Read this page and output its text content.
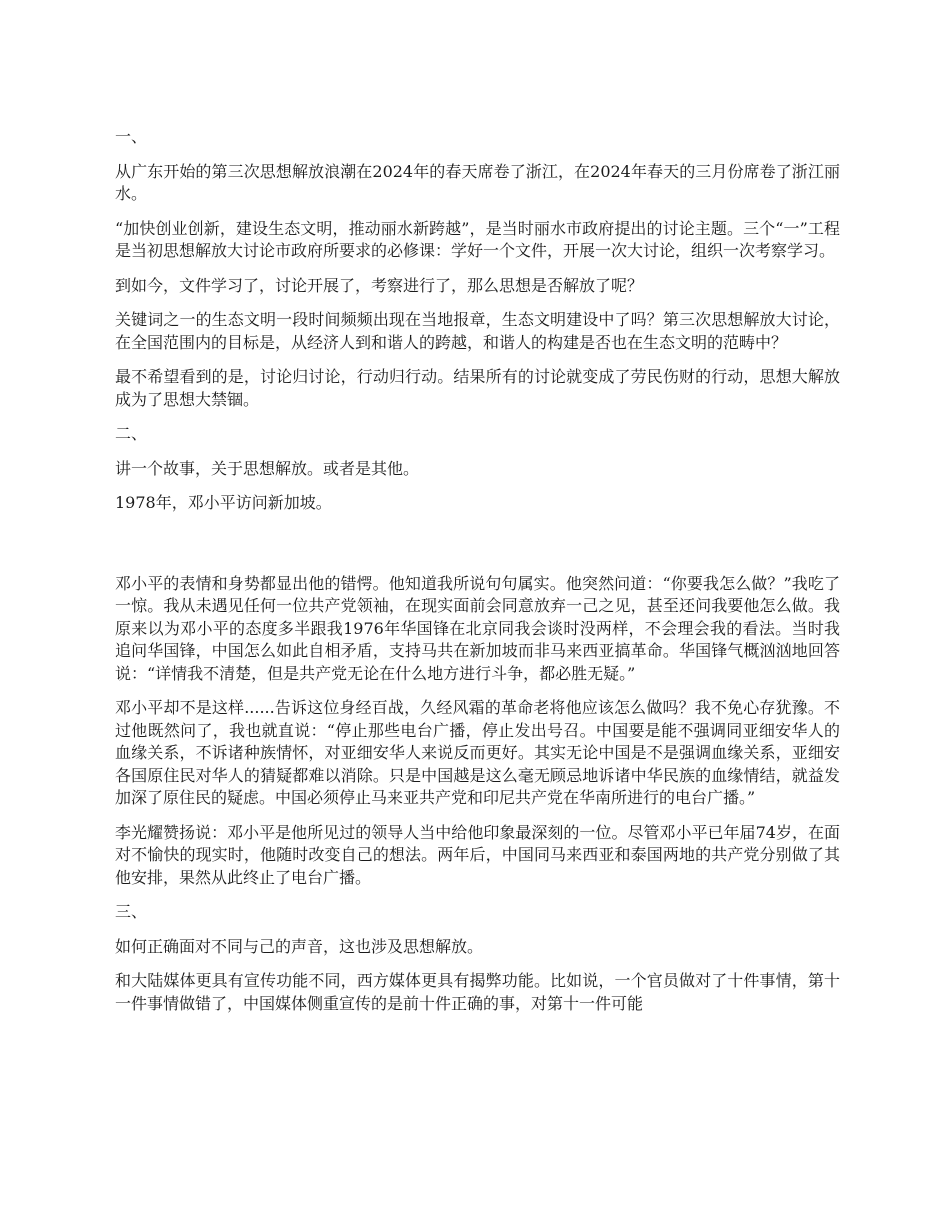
一、

从广东开始的第三次思想解放浪潮在2024年的春天席卷了浙江，在2024年春天的三月份席卷了浙江丽水。

“加快创业创新，建设生态文明，推动丽水新跨越”，是当时丽水市政府提出的讨论主题。三个“一”工程是当初思想解放大讨论市政府所要求的必修课：学好一个文件，开展一次大讨论，组织一次考察学习。

到如今，文件学习了，讨论开展了，考察进行了，那么思想是否解放了呢？

关键词之一的生态文明一段时间频频出现在当地报章，生态文明建设中了吗？第三次思想解放大讨论，在全国范围内的目标是，从经济人到和谐人的跨越，和谐人的构建是否也在生态文明的范畴中？

最不希望看到的是，讨论归讨论，行动归行动。结果所有的讨论就变成了劳民伤财的行动，思想大解放成为了思想大禁锢。

二、

讲一个故事，关于思想解放。或者是其他。

1978年，邓小平访问新加坡。

邓小平的表情和身势都显出他的错愕。他知道我所说句句属实。他突然问道：“你要我怎么做？”我吃了一惊。我从未遇见任何一位共产党领袖，在现实面前会同意放弃一己之见，甚至还问我要他怎么做。我原来以为邓小平的态度多半跟我1976年华国锋在北京同我会谈时没两样，不会理会我的看法。当时我追问华国锋，中国怎么如此自相矛盾，支持马共在新加坡而非马来西亚搞革命。华国锋气概汹汹地回答说：“详情我不清楚，但是共产党无论在什么地方进行斗争，都必胜无疑。”

邓小平却不是这样......告诉这位身经百战，久经风霜的革命老将他应该怎么做吗？我不免心存犹豫。不过他既然问了，我也就直说：“停止那些电台广播，停止发出号召。中国要是能不强调同亚细安华人的血缘关系，不诉诸种族情怀，对亚细安华人来说反而更好。其实无论中国是不是强调血缘关系，亚细安各国原住民对华人的猜疑都难以消除。只是中国越是这么毫无顾忌地诉诸中华民族的血缘情结，就益发加深了原住民的疑虑。中国必须停止马来亚共产党和印尼共产党在华南所进行的电台广播。”

李光耀赞扬说：邓小平是他所见过的领导人当中给他印象最深刻的一位。尽管邓小平已年届74岁，在面对不愉快的现实时，他随时改变自己的想法。两年后，中国同马来西亚和泰国两地的共产党分别做了其他安排，果然从此终止了电台广播。

三、

如何正确面对不同与己的声音，这也涉及思想解放。

和大陆媒体更具有宣传功能不同，西方媒体更具有揭弊功能。比如说，一个官员做对了十件事情，第十一件事情做错了，中国媒体侧重宣传的是前十件正确的事，对第十一件可能
